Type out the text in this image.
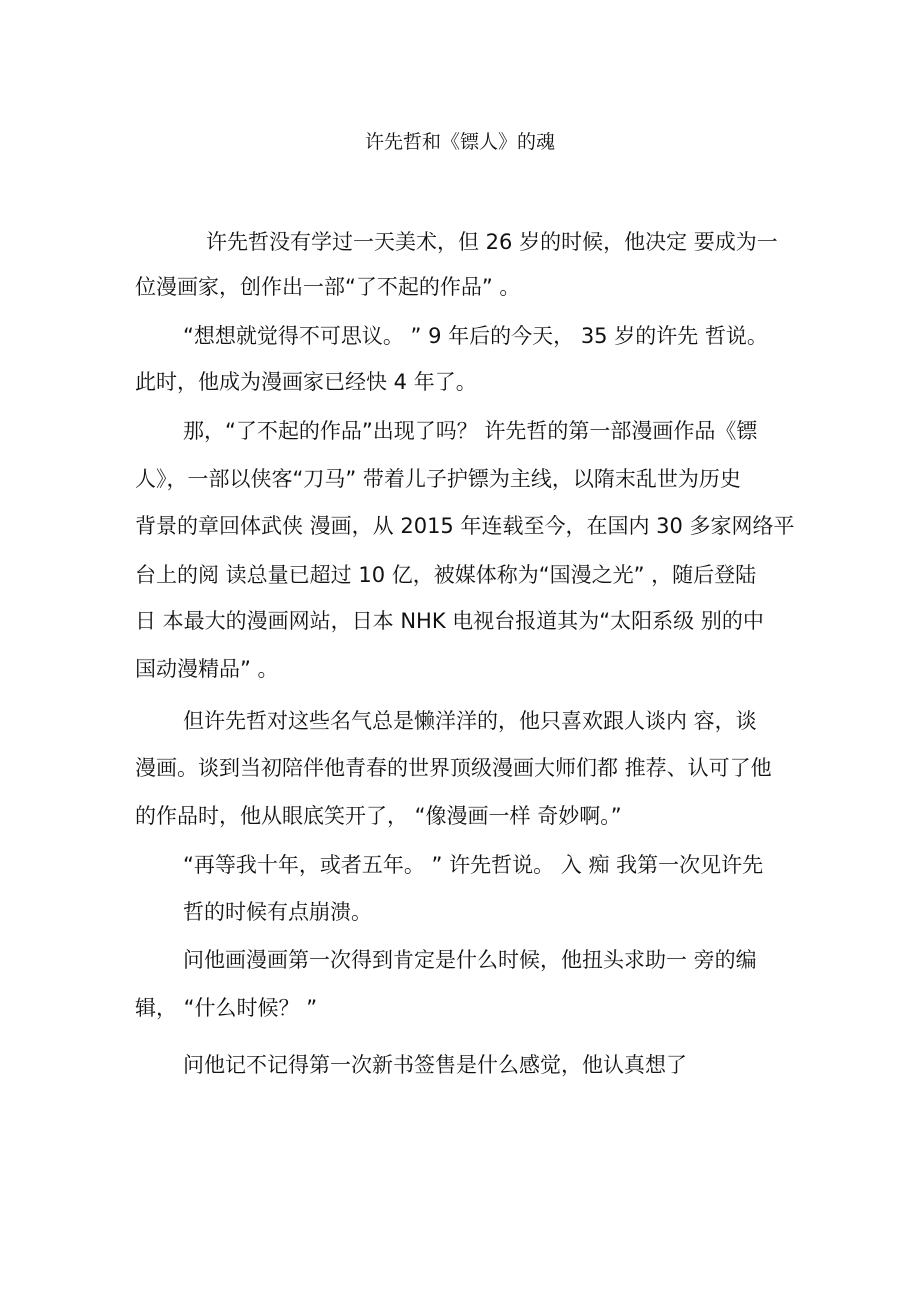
许先哲和《镖人》的魂
许先哲没有学过一天美术，但 26 岁的时候，他决定 要成为一
位漫画家，创作出一部“了不起的作品” 。
“想想就觉得不可思议。 ” 9 年后的今天， 35 岁的许先 哲说。
此时，他成为漫画家已经快 4 年了。
那，“了不起的作品”出现了吗？ 许先哲的第一部漫画作品《镖
人》，一部以侠客“刀马” 带着儿子护镖为主线，以隋末乱世为历史
背景的章回体武侠 漫画，从 2015 年连载至今，在国内 30 多家网络平
台上的阅 读总量已超过 10 亿，被媒体称为“国漫之光” ，随后登陆
日 本最大的漫画网站，日本 NHK 电视台报道其为“太阳系级 别的中
国动漫精品” 。
但许先哲对这些名气总是懒洋洋的，他只喜欢跟人谈内 容，谈
漫画。谈到当初陪伴他青春的世界顶级漫画大师们都 推荐、认可了他
的作品时，他从眼底笑开了， “像漫画一样 奇妙啊。”
“再等我十年，或者五年。 ” 许先哲说。 入 痴 我第一次见许先
哲的时候有点崩溃。
问他画漫画第一次得到肯定是什么时候，他扭头求助一 旁的编
辑， “什么时候？ ”
问他记不记得第一次新书签售是什么感觉，他认真想了
